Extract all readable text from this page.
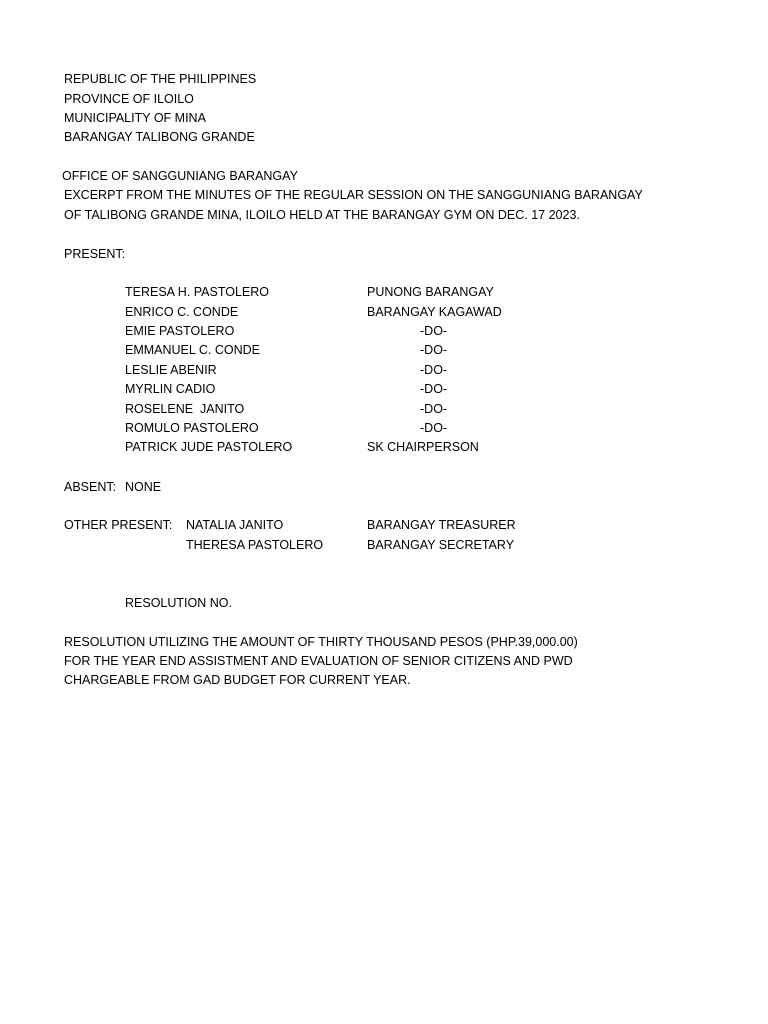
REPUBLIC OF THE PHILIPPINES
PROVINCE OF ILOILO
MUNICIPALITY OF MINA
BARANGAY TALIBONG GRANDE
OFFICE OF SANGGUNIANG BARANGAY
EXCERPT FROM THE MINUTES OF THE REGULAR SESSION ON THE SANGGUNIANG BARANGAY
OF TALIBONG GRANDE MINA, ILOILO HELD AT THE BARANGAY GYM ON DEC. 17 2023.
PRESENT:
TERESA H. PASTOLERO	PUNONG BARANGAY
ENRICO C. CONDE	BARANGAY KAGAWAD
EMIE PASTOLERO	-DO-
EMMANUEL C. CONDE	-DO-
LESLIE ABENIR	-DO-
MYRLIN CADIO	-DO-
ROSELENE  JANITO	-DO-
ROMULO PASTOLERO	-DO-
PATRICK JUDE PASTOLERO	SK CHAIRPERSON
ABSENT: NONE
OTHER PRESENT: NATALIA JANITO	BARANGAY TREASURER
THERESA PASTOLERO	BARANGAY SECRETARY
RESOLUTION NO.
RESOLUTION UTILIZING THE AMOUNT OF THIRTY THOUSAND PESOS (PHP.39,000.00)
FOR THE YEAR END ASSISTMENT AND EVALUATION OF SENIOR CITIZENS AND PWD
CHARGEABLE FROM GAD BUDGET FOR CURRENT YEAR.
